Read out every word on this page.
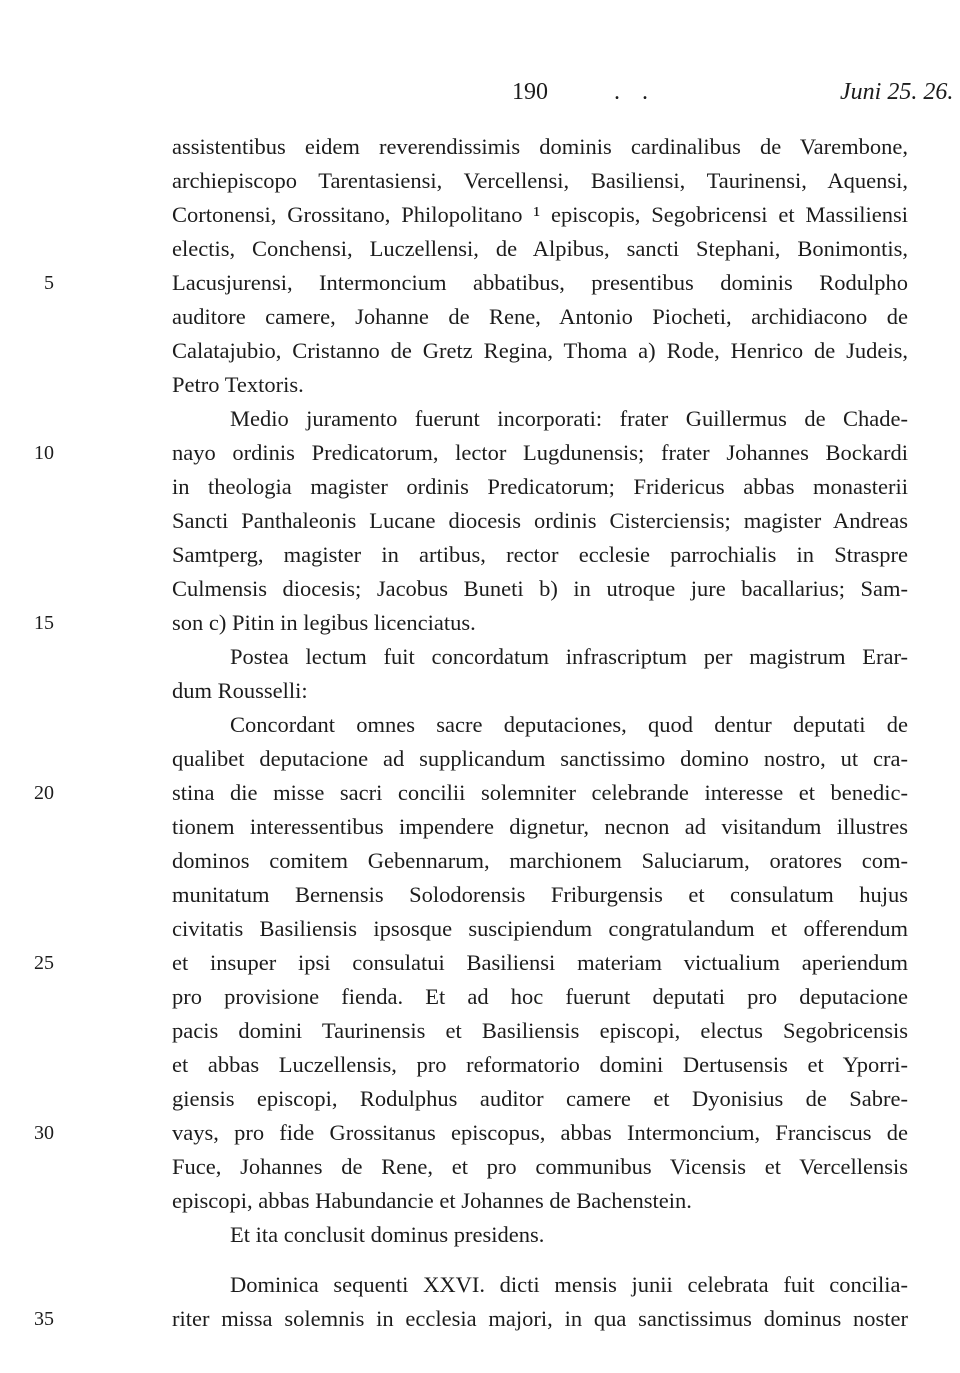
190	. .	Juni 25. 26.
assistentibus eidem reverendissimis dominis cardinalibus de Varembone,
archiepiscopo Tarentasiensi, Vercellensi, Basiliensi, Taurinensi, Aquensi,
Cortonensi, Grossitano, Philopolitano ¹ episcopis, Segobricensi et Massiliensi
electis, Conchensi, Luczellensi, de Alpibus, sancti Stephani, Bonimontis,
Lacusjurensi, Intermoncium abbatibus, presentibus dominis Rodulpho
auditore camere, Johanne de Rene, Antonio Piocheti, archidiacono de
Calatajubio, Cristanno de Gretz Regina, Thoma a) Rode, Henrico de Judeis,
Petro Textoris.
Medio juramento fuerunt incorporati: frater Guillermus de Chade-
nayo ordinis Predicatorum, lector Lugdunensis; frater Johannes Bockardi
in theologia magister ordinis Predicatorum; Fridericus abbas monasterii
Sancti Panthaleonis Lucane diocesis ordinis Cisterciensis; magister Andreas
Samtperg, magister in artibus, rector ecclesie parrochialis in Straspre
Culmensis diocesis; Jacobus Buneti b) in utroque jure bacallarius; Sam-
son c) Pitin in legibus licenciatus.
Postea lectum fuit concordatum infrascriptum per magistrum Erar-
dum Rousselli:
Concordant omnes sacre deputaciones, quod dentur deputati de
qualibet deputacione ad supplicandum sanctissimo domino nostro, ut cra-
stina die misse sacri concilii solemniter celebrande interesse et benedic-
tionem interessentibus impendere dignetur, necnon ad visitandum illustres
dominos comitem Gebennarum, marchionem Saluciarum, oratores com-
munitatum Bernensis Solodorensis Friburgensis et consulatum hujus
civitatis Basiliensis ipsosque suscipiendum congratulandum et offerendum
et insuper ipsi consulatui Basiliensi materiam victualium aperiendum
pro provisione fienda. Et ad hoc fuerunt deputati pro deputacione
pacis domini Taurinensis et Basiliensis episcopi, electus Segobricensis
et abbas Luczellensis, pro reformatorio domini Dertusensis et Yporri-
giensis episcopi, Rodulphus auditor camere et Dyonisius de Sabre-
vays, pro fide Grossitanus episcopus, abbas Intermoncium, Franciscus de
Fuce, Johannes de Rene, et pro communibus Vicensis et Vercellensis
episcopi, abbas Habundancie et Johannes de Bachenstein.
Et ita conclusit dominus presidens.
Dominica sequenti XXVI. dicti mensis junii celebrata fuit concilia-
riter missa solemnis in ecclesia majori, in qua sanctissimus dominus noster
5
10
15
20
25
30
35
